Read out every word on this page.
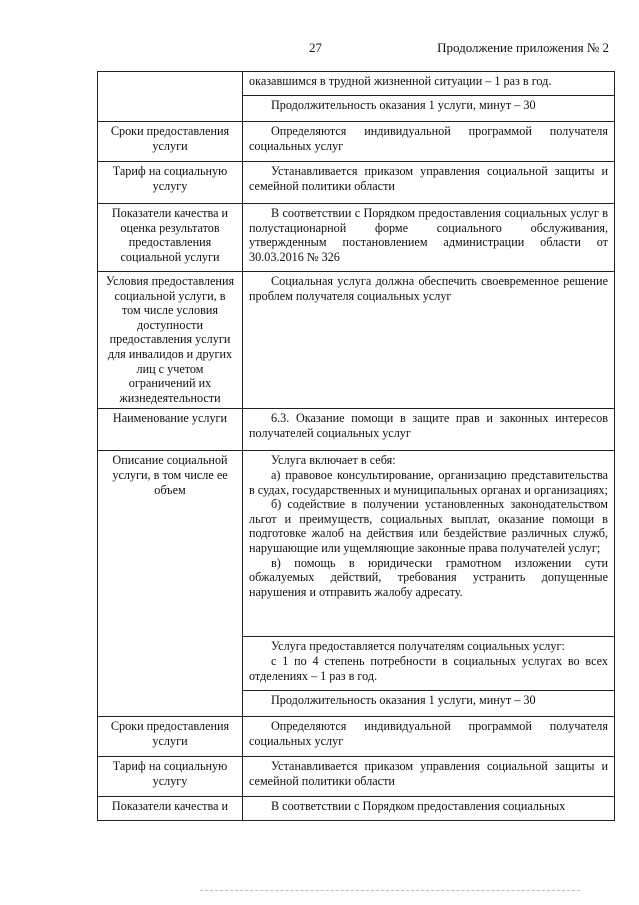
27	Продолжение приложения № 2

	оказавшимся в трудной жизненной ситуации – 1 раз в год.

	Продолжительность оказания 1 услуги, минут – 30

Сроки предоставления услуги	Определяются индивидуальной программой получателя социальных услуг

Тариф на социальную услугу	Устанавливается приказом управления социальной защиты и семейной политики области

Показатели качества и оценка результатов предоставления социальной услуги	В соответствии с Порядком предоставления социальных услуг в полустационарной форме социального обслуживания, утвержденным постановлением администрации области от 30.03.2016 № 326

Условия предоставления социальной услуги, в том числе условия доступности предоставления услуги для инвалидов и других лиц с учетом ограничений их жизнедеятельности	Социальная услуга должна обеспечить своевременное решение проблем получателя социальных услуг

Наименование услуги	6.3. Оказание помощи в защите прав и законных интересов получателей социальных услуг

Описание социальной услуги, в том числе ее объем	Услуга включает в себя:

а) правовое консультирование, организацию представительства в судах, государственных и муниципальных органах и организациях;

б) содействие в получении установленных законодательством льгот и преимуществ, социальных выплат, оказание помощи в подготовке жалоб на действия или бездействие различных служб, нарушающие или ущемляющие законные права получателей услуг;

в) помощь в юридически грамотном изложении сути обжалуемых действий, требования устранить допущенные нарушения и отправить жалобу адресату.

	Услуга предоставляется получателям социальных услуг:

с 1 по 4 степень потребности в социальных услугах во всех отделениях – 1 раз в год.

	Продолжительность оказания 1 услуги, минут – 30

Сроки предоставления услуги	Определяются индивидуальной программой получателя социальных услуг

Тариф на социальную услугу	Устанавливается приказом управления социальной защиты и семейной политики области

Показатели качества и	В соответствии с Порядком предоставления социальных
